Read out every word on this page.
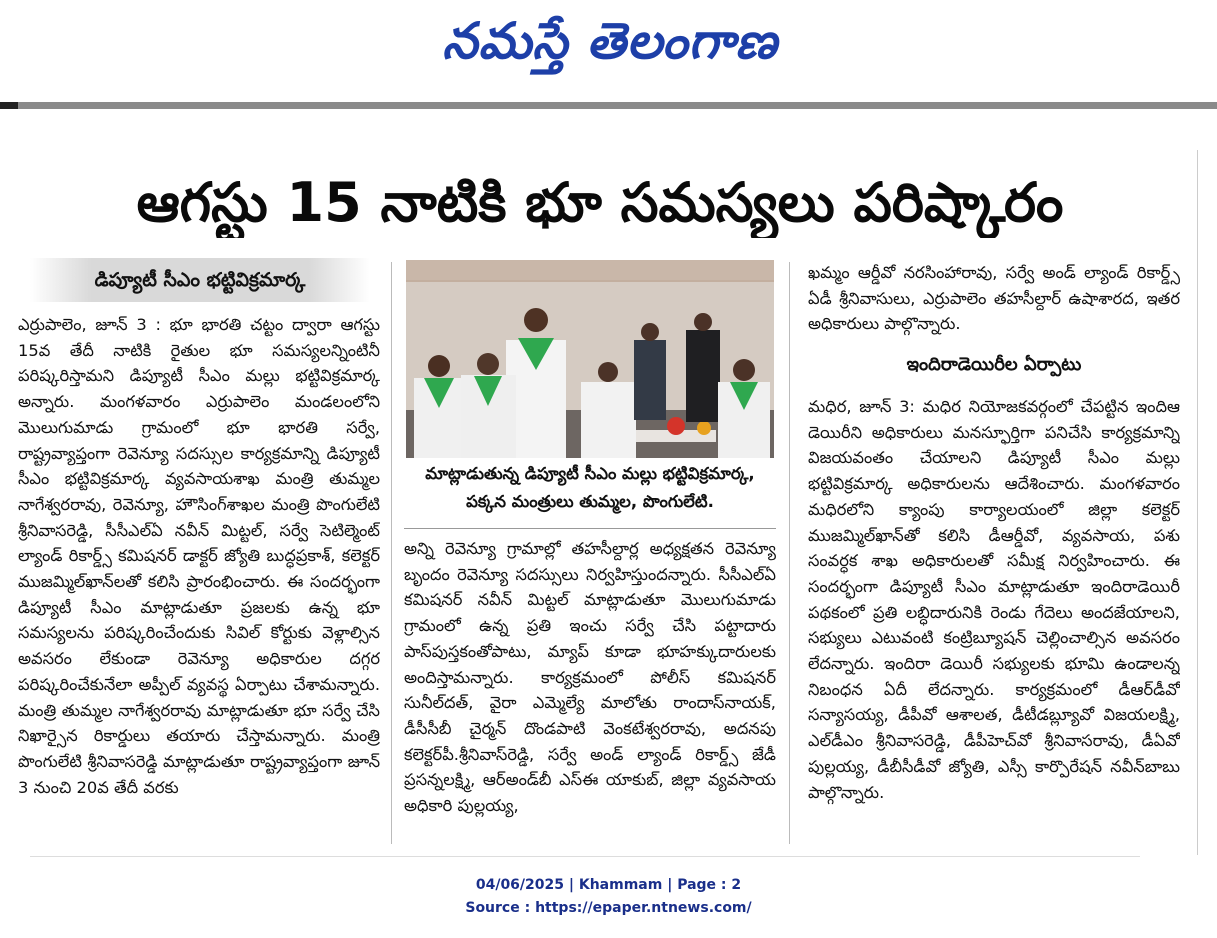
నమస్తే తెలంగాణ
ఆగస్టు 15 నాటికి భూ సమస్యలు పరిష్కారం
డిప్యూటీ సీఎం భట్టివిక్రమార్క

ఎర్రుపాలెం, జూన్ 3 : భూ భారతి చట్టం ద్వారా ఆగస్టు 15వ తేదీ నాటికి రైతుల భూ సమస్యలన్నింటినీ పరిష్కరిస్తామని డిప్యూటీ సీఎం మల్లు భట్టివిక్రమార్క అన్నారు. మంగళవారం ఎర్రుపాలెం మండలంలోని మొలుగుమాడు గ్రామంలో భూ భారతి సర్వే, రాష్ట్రవ్యాప్తంగా రెవెన్యూ సదస్సుల కార్యక్రమాన్ని డిప్యూటీ సీఎం భట్టివిక్రమార్క వ్యవసాయశాఖ మంత్రి తుమ్మల నాగేశ్వరరావు, రెవెన్యూ, హౌసింగ్‌శాఖల మంత్రి పొంగులేటి శ్రీనివాసరెడ్డి, సీసీఎల్ఏ నవీన్ మిట్టల్, సర్వే సెటిల్మెంట్ ల్యాండ్ రికార్డ్స్ కమిషనర్ డాక్టర్ జ్యోతి బుద్ధప్రకాశ్, కలెక్టర్ ముజమ్మిల్‌ఖాన్‌లతో కలిసి ప్రారంభించారు. ఈ సందర్భంగా డిప్యూటీ సీఎం మాట్లాడుతూ ప్రజలకు ఉన్న భూ సమస్యలను పరిష్కరించేందుకు సివిల్ కోర్టుకు వెళ్లాల్సిన అవసరం లేకుండా రెవెన్యూ అధికారుల దగ్గర పరిష్కరించేకునేలా అప్పీల్ వ్యవస్థ ఏర్పాటు చేశామన్నారు. మంత్రి తుమ్మల నాగేశ్వరరావు మాట్లాడుతూ భూ సర్వే చేసి నిఖార్సైన రికార్డులు తయారు చేస్తామన్నారు. మంత్రి పొంగులేటి శ్రీనివాసరెడ్డి మాట్లాడుతూ రాష్ట్రవ్యాప్తంగా జూన్ 3 నుంచి 20వ తేదీ వరకు

మాట్లాడుతున్న డిప్యూటీ సీఎం మల్లు భట్టివిక్రమార్క, పక్కన మంత్రులు తుమ్మల, పొంగులేటి.

అన్ని రెవెన్యూ గ్రామాల్లో తహసీల్దార్ల అధ్యక్షతన రెవెన్యూ బృందం రెవెన్యూ సదస్సులు నిర్వహిస్తుందన్నారు. సీసీఎల్ఏ కమిషనర్ నవీన్ మిట్టల్ మాట్లాడుతూ మొలుగుమాడు గ్రామంలో ఉన్న ప్రతి ఇంచు సర్వే చేసి పట్టాదారు పాస్‌పుస్తకంతోపాటు, మ్యాప్ కూడా భూహక్కుదారులకు అందిస్తామన్నారు. కార్యక్రమంలో పోలీస్ కమిషనర్ సునీల్‌దత్, వైరా ఎమ్మెల్యే మాలోతు రాందాస్‌నాయక్, డీసీసీబీ చైర్మన్ దొండపాటి వెంకటేశ్వరరావు, అదనపు కలెక్టర్‌పీ.శ్రీనివాస్‌రెడ్డి, సర్వే అండ్ ల్యాండ్ రికార్డ్స్ జేడీ ప్రసన్నలక్ష్మి, ఆర్అండ్‌బీ ఎస్ఈ యాకుబ్, జిల్లా వ్యవసాయ అధికారి పుల్లయ్య,

ఖమ్మం ఆర్డీవో నరసింహారావు, సర్వే అండ్ ల్యాండ్ రికార్డ్స్ ఏడీ శ్రీనివాసులు, ఎర్రుపాలెం తహసీల్దార్ ఉషాశారద, ఇతర అధికారులు పాల్గొన్నారు.

ఇందిరాడెయిరీల ఏర్పాటు

మధిర, జూన్ 3: మధిర నియోజకవర్గంలో చేపట్టిన ఇందిఆ డెయిరీని అధికారులు మనస్ఫూర్తిగా పనిచేసి కార్యక్రమాన్ని విజయవంతం చేయాలని డిప్యూటీ సీఎం మల్లు భట్టివిక్రమార్క అధికారులను ఆదేశించారు. మంగళవారం మధిరలోని క్యాంపు కార్యాలయంలో జిల్లా కలెక్టర్ ముజమ్మిల్‌ఖాన్‌తో కలిసి డీఆర్డీవో, వ్యవసాయ, పశు సంవర్ధక శాఖ అధికారులతో సమీక్ష నిర్వహించారు. ఈ సందర్భంగా డిప్యూటీ సీఎం మాట్లాడుతూ ఇందిరాడెయిరీ పథకంలో ప్రతి లబ్ధిదారునికి రెండు గేదెలు అందజేయాలని, సభ్యులు ఎటువంటి కంట్రిబ్యూషన్ చెల్లించాల్సిన అవసరం లేదన్నారు. ఇందిరా డెయిరీ సభ్యులకు భూమి ఉండాలన్న నిబంధన ఏదీ లేదన్నారు. కార్యక్రమంలో డీఆర్‌డీవో సన్యాసయ్య, డీపీవో ఆశాలత, డీటీడబ్ల్యూవో విజయలక్ష్మి, ఎల్‌డీఎం శ్రీనివాసరెడ్డి, డీపీహెచ్‌వో శ్రీనివాసరావు, డీఏవో పుల్లయ్య, డీబీసీడీవో జ్యోతి, ఎస్సీ కార్పొరేషన్ నవీన్‌బాబు పాల్గొన్నారు.

04/06/2025 | Khammam | Page : 2
Source : https://epaper.ntnews.com/
